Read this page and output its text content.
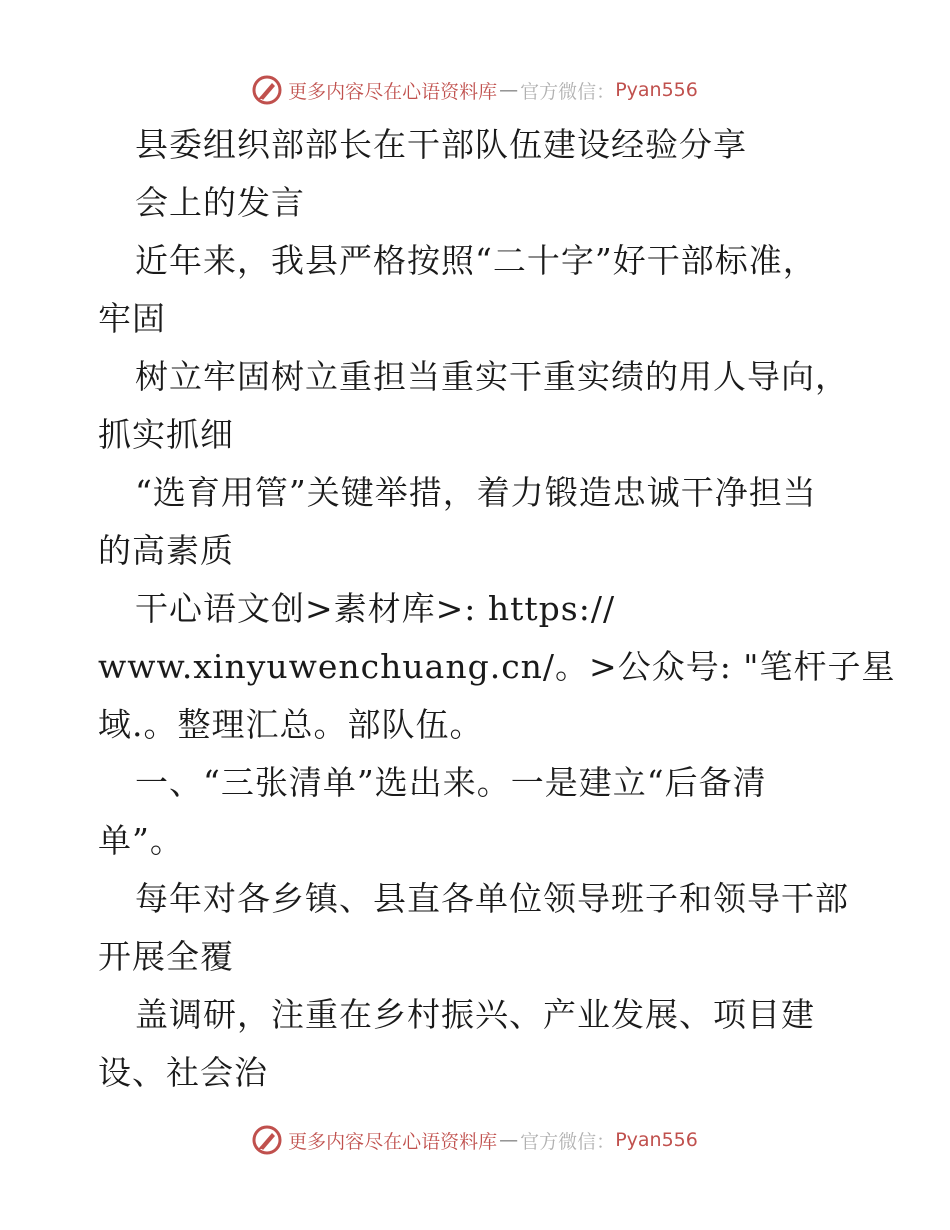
更多内容尽在心语资料库 — 官方微信： Pyan556
县委组织部部长在干部队伍建设经验分享
会上的发言
近年来，我县严格按照“二十字”好干部标准，
牢固
树立牢固树立重担当重实干重实绩的用人导向，
抓实抓细
“选育用管”关键举措，着力锻造忠诚干净担当
的高素质
干心语文创>素材库>: https://
www.xinyuwenchuang.cn/。>公众号: "笔杆子星
域.。整理汇总。部队伍。
一、“三张清单”选出来。一是建立“后备清
单”。
每年对各乡镇、县直各单位领导班子和领导干部
开展全覆
盖调研，注重在乡村振兴、产业发展、项目建
设、社会治
更多内容尽在心语资料库 — 官方微信： Pyan556
